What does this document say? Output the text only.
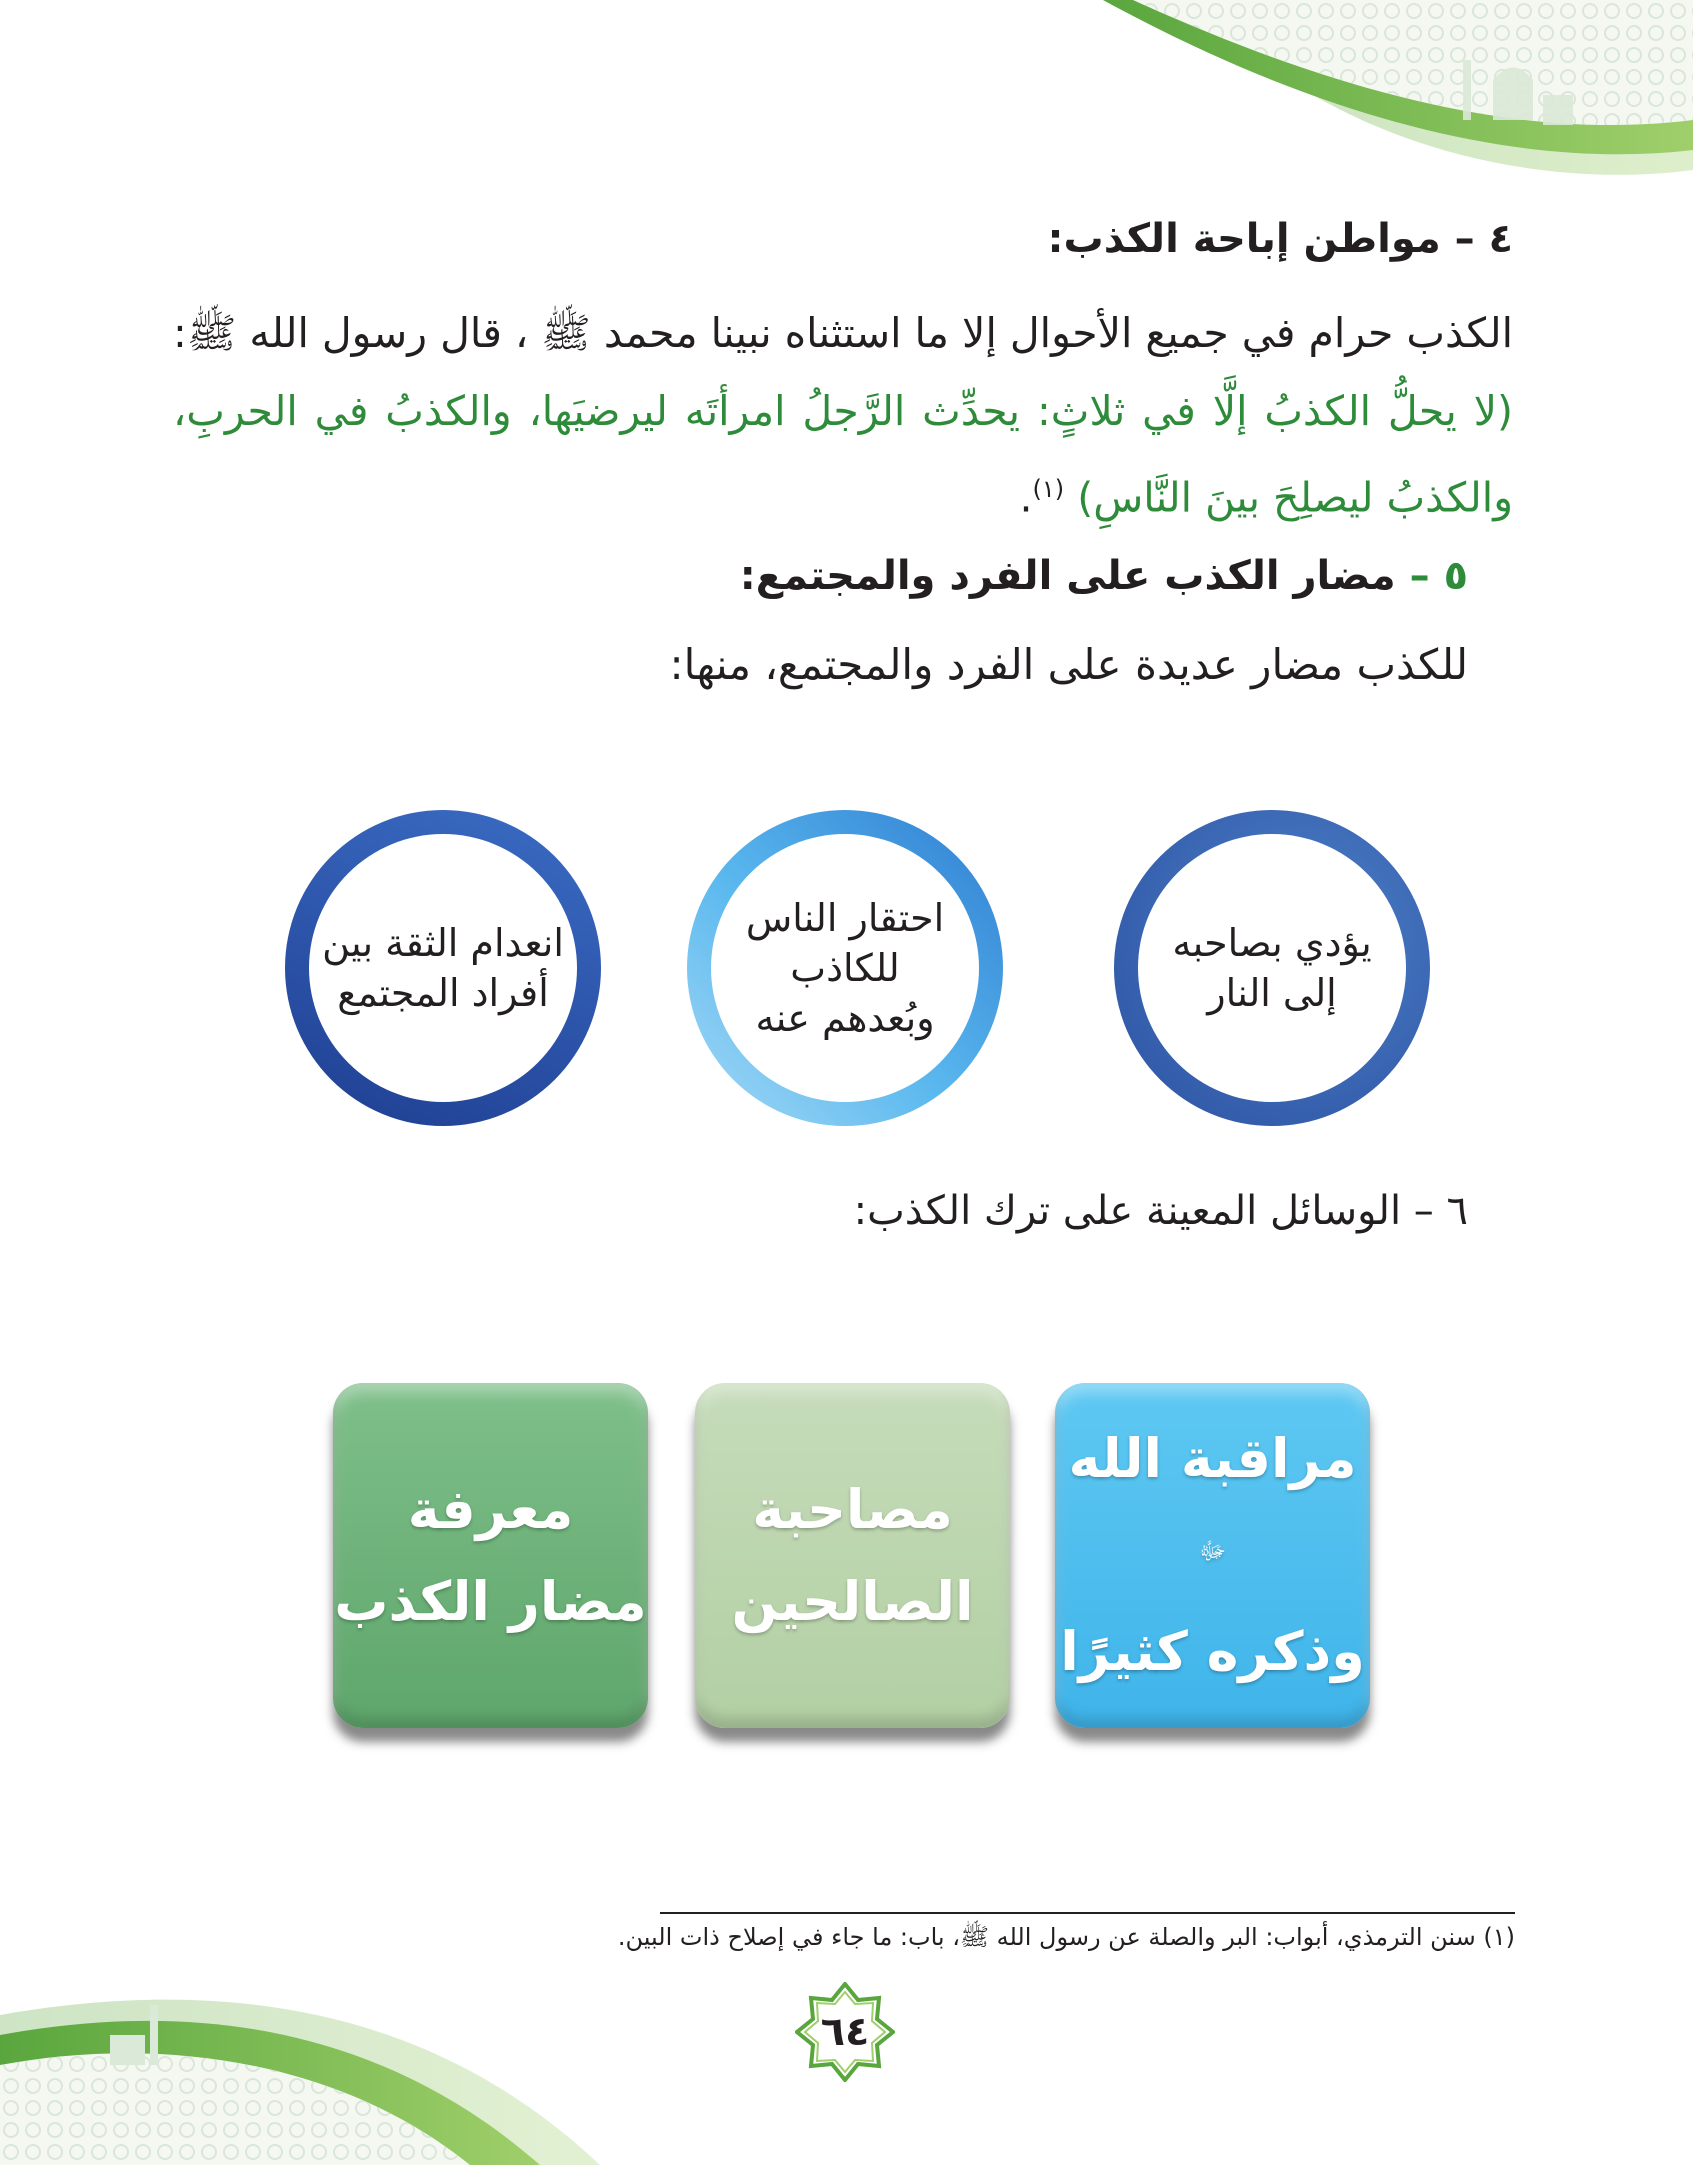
٤ – مواطن إباحة الكذب:

الكذب حرام في جميع الأحوال إلا ما استثناه نبينا محمد ﷺ ، قال رسول الله ﷺ: (لا يحلُّ الكذبُ إلَّا في ثلاثٍ: يحدِّث الرَّجلُ امرأتَه ليرضيَها، والكذبُ في الحربِ، والكذبُ ليصلِحَ بينَ النَّاسِ) $^{(١)}$.

٥ – مضار الكذب على الفرد والمجتمع:

للكذب مضار عديدة على الفرد والمجتمع، منها:

يؤدي بصاحبه
إلى النار
احتقار الناس
للكاذب
وبُعدهم عنه
انعدام الثقة بين
أفراد المجتمع

٦ – الوسائل المعينة على ترك الكذب:

مراقبة الله $^ﷻ$
وذكره كثيرًا
مصاحبة
الصالحين
معرفة
مضار الكذب

(١) سنن الترمذي، أبواب: البر والصلة عن رسول الله ﷺ، باب: ما جاء في إصلاح ذات البين.

٦٤
